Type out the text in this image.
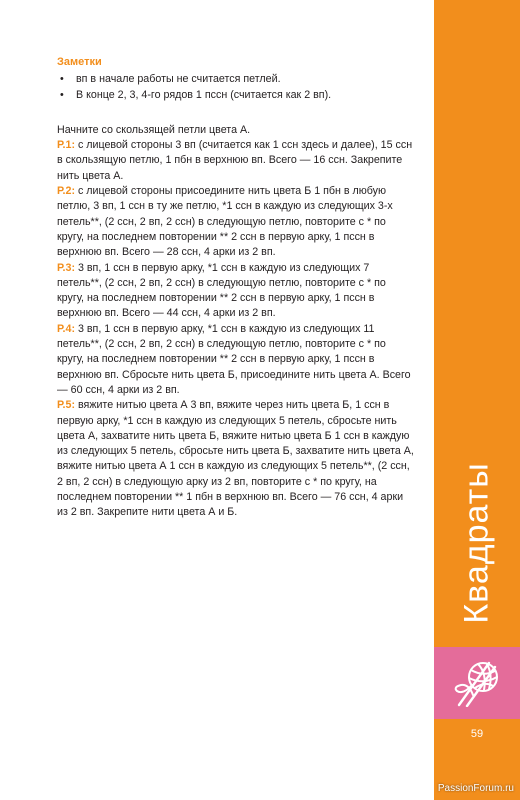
Заметки
• вп в начале работы не считается петлей.
• В конце 2, 3, 4-го рядов 1 пссн (считается как 2 вп).

Начните со скользящей петли цвета А.

Р.1: с лицевой стороны 3 вп (считается как 1 ссн здесь и далее), 15 ссн в скользящую петлю, 1 пбн в верхнюю вп. Всего — 16 ссн. Закрепите нить цвета А.

Р.2: с лицевой стороны присоедините нить цвета Б 1 пбн в любую петлю, 3 вп, 1 ссн в ту же петлю, *1 ссн в каждую из следующих 3-х петель**, (2 ссн, 2 вп, 2 ссн) в следующую петлю, повторите с * по кругу, на последнем повторении ** 2 ссн в первую арку, 1 пссн в верхнюю вп. Всего — 28 ссн, 4 арки из 2 вп.

Р.3: 3 вп, 1 ссн в первую арку, *1 ссн в каждую из следующих 7 петель**, (2 ссн, 2 вп, 2 ссн) в следующую петлю, повторите с * по кругу, на последнем повторении ** 2 ссн в первую арку, 1 пссн в верхнюю вп. Всего — 44 ссн, 4 арки из 2 вп.

Р.4: 3 вп, 1 ссн в первую арку, *1 ссн в каждую из следующих 11 петель**, (2 ссн, 2 вп, 2 ссн) в следующую петлю, повторите с * по кругу, на последнем повторении ** 2 ссн в первую арку, 1 пссн в верхнюю вп. Сбросьте нить цвета Б, присоедините нить цвета А. Всего — 60 ссн, 4 арки из 2 вп.

Р.5: вяжите нитью цвета А 3 вп, вяжите через нить цвета Б, 1 ссн в первую арку, *1 ссн в каждую из следующих 5 петель, сбросьте нить цвета А, захватите нить цвета Б, вяжите нитью цвета Б 1 ссн в каждую из следующих 5 петель, сбросьте нить цвета Б, захватите нить цвета А, вяжите нитью цвета А 1 ссн в каждую из следующих 5 петель**, (2 ссн, 2 вп, 2 ссн) в следующую арку из 2 вп, повторите с * по кругу, на последнем повторении ** 1 пбн в верхнюю вп. Всего — 76 ссн, 4 арки из 2 вп. Закрепите нити цвета А и Б.	Квадраты
59
PassionForum.ru
